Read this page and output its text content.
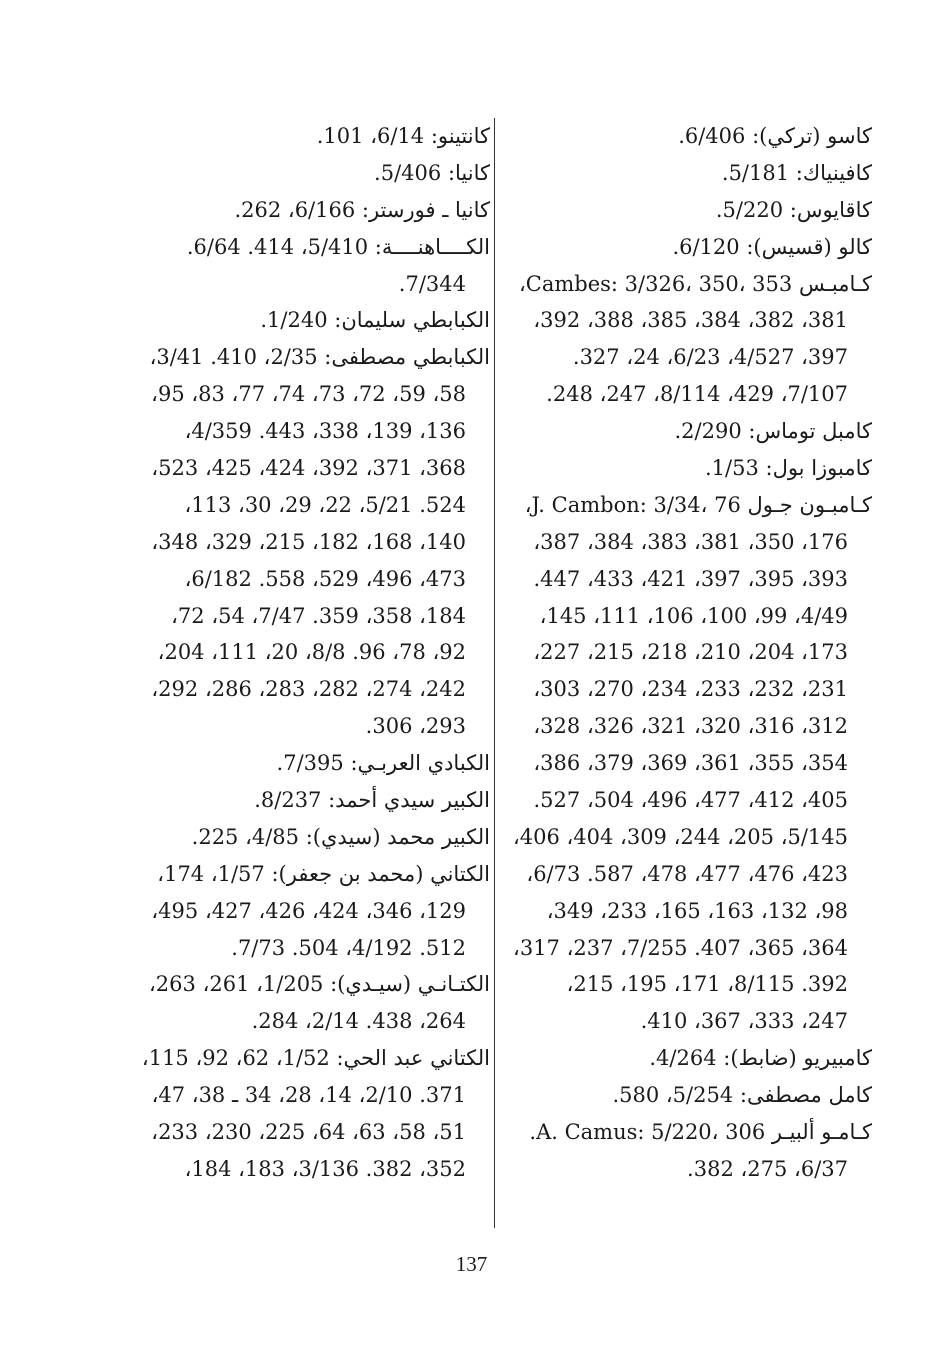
كاسو (تركي): 6/406.
كافينياك: 5/181.
كاقايوس: 5/220.
كالو (قسيس): 6/120.
كـامبـس Cambes: 3/326، 350، 353،
381، 382، 384، 385، 388، 392،
397، 4/527، 6/23، 24، 327.
7/107، 429، 8/114، 247، 248.
كامبل توماس: 2/290.
كامبوزا بول: 1/53.
كـامبـون جـول J. Cambon: 3/34، 76،
176، 350، 381، 383، 384، 387،
393، 395، 397، 421، 433، 447.
4/49، 99، 100، 106، 111، 145،
173، 204، 210، 218، 215، 227،
231، 232، 233، 234، 270، 303،
312، 316، 320، 321، 326، 328،
354، 355، 361، 369، 379، 386،
405، 412، 477، 496، 504، 527.
5/145، 205، 244، 309، 404، 406،
423، 476، 477، 478، 587. 6/73،
98، 132، 163، 165، 233، 349،
364، 365، 407. 7/255، 237، 317،
392. 8/115، 171، 195، 215،
247، 333، 367، 410.
كامبيريو (ضابط): 4/264.
كامل مصطفى: 5/254، 580.
كـامـو ألبيـر A. Camus: 5/220، 306.
6/37، 275، 382.
كانتينو: 6/14، 101.
كانيا: 5/406.
كانيا ـ فورستر: 6/166، 262.
الكــــاهنــــة: 5/410، 414. 6/64.
7/344.
الكبابطي سليمان: 1/240.
الكبابطي مصطفى: 2/35، 410. 3/41،
58، 59، 72، 73، 74، 77، 83، 95،
136، 139، 338، 443. 4/359،
368، 371، 392، 424، 425، 523،
524. 5/21، 22، 29، 30، 113،
140، 168، 182، 215، 329، 348،
473، 496، 529، 558. 6/182،
184، 358، 359. 7/47، 54، 72،
92، 78، 96. 8/8، 20، 111، 204،
242، 274، 282، 283، 286، 292،
293، 306.
الكبادي العربـي: 7/395.
الكبير سيدي أحمد: 8/237.
الكبير محمد (سيدي): 4/85، 225.
الكتاني (محمد بن جعفر): 1/57، 174،
129، 346، 424، 426، 427، 495،
512. 4/192، 504. 7/73.
الكتـانـي (سيـدي): 1/205، 261، 263،
264، 438. 2/14، 284.
الكتاني عبد الحي: 1/52، 62، 92، 115،
371. 2/10، 14، 28، 34 ـ 38، 47،
51، 58، 63، 64، 225، 230، 233،
352، 382. 3/136، 183، 184،
137
